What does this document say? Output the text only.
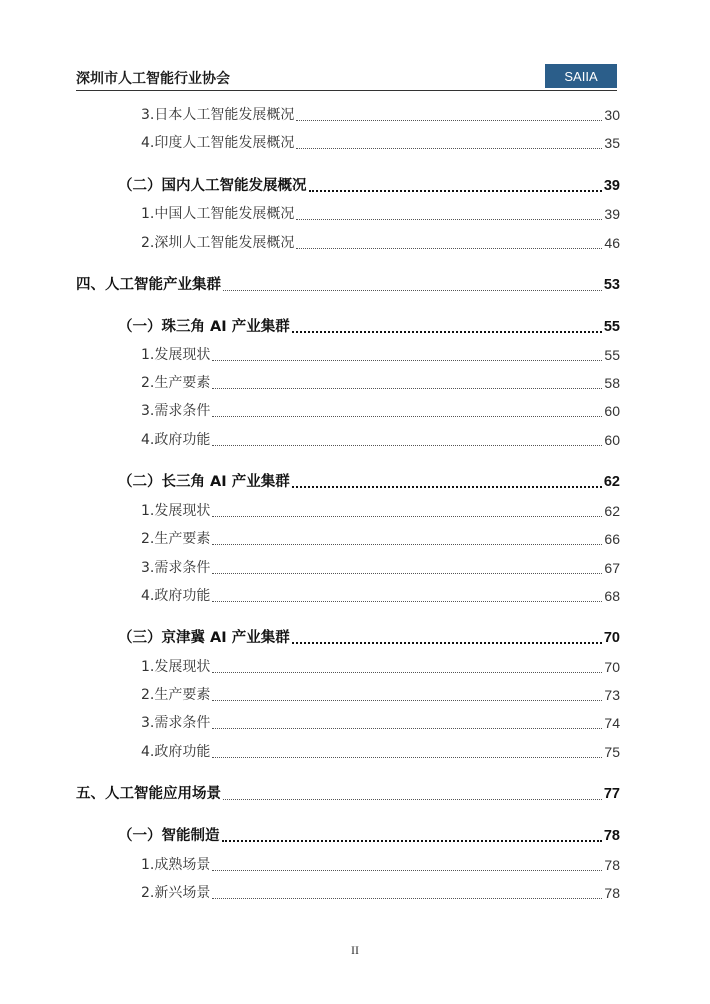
深圳市人工智能行业协会	SAIIA
3.日本人工智能发展概况	30
4.印度人工智能发展概况	35
（二）国内人工智能发展概况	39
1.中国人工智能发展概况	39
2.深圳人工智能发展概况	46
四、人工智能产业集群	53
（一）珠三角 AI 产业集群	55
1.发展现状	55
2.生产要素	58
3.需求条件	60
4.政府功能	60
（二）长三角 AI 产业集群	62
1.发展现状	62
2.生产要素	66
3.需求条件	67
4.政府功能	68
（三）京津冀 AI 产业集群	70
1.发展现状	70
2.生产要素	73
3.需求条件	74
4.政府功能	75
五、人工智能应用场景	77
（一）智能制造	78
1.成熟场景	78
2.新兴场景	78
II
